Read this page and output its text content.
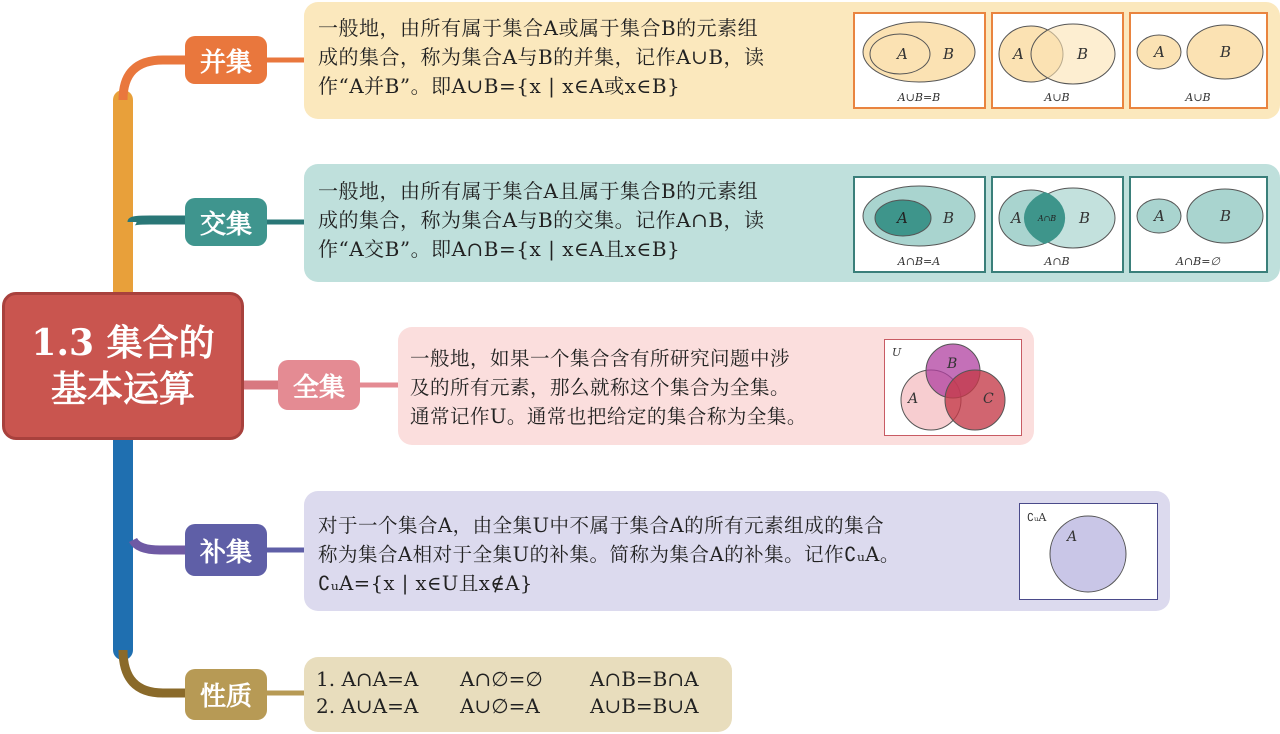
1.3 集合的
基本运算
并集
一般地，由所有属于集合A或属于集合B的元素组
成的集合，称为集合A与B的并集，记作A∪B，读
作“A并B”。即A∪B={x | x∈A或x∈B}
A B
A∪B=B
A	B
A∪B
A	B
A∪B
交集
一般地，由所有属于集合A且属于集合B的元素组
成的集合，称为集合A与B的交集。记作A∩B，读
作“A交B”。即A∩B={x | x∈A且x∈B}
A B
A∩B=A
A A∩B B
A∩B
A	B
A∩B=∅
全集
一般地，如果一个集合含有所研究问题中涉
及的所有元素，那么就称这个集合为全集。
通常记作U。通常也把给定的集合称为全集。
U
A
B
C
补集
对于一个集合A，由全集U中不属于集合A的所有元素组成的集合
称为集合A相对于全集U的补集。简称为集合A的补集。记作∁ᵤA。
∁ᵤA={x | x∈U且x∉A}
∁ᵤA
A
性质
1. A∩A=A A∩∅=∅ A∩B=B∩A
2. A∪A=A A∪∅=A	A∪B=B∪A
